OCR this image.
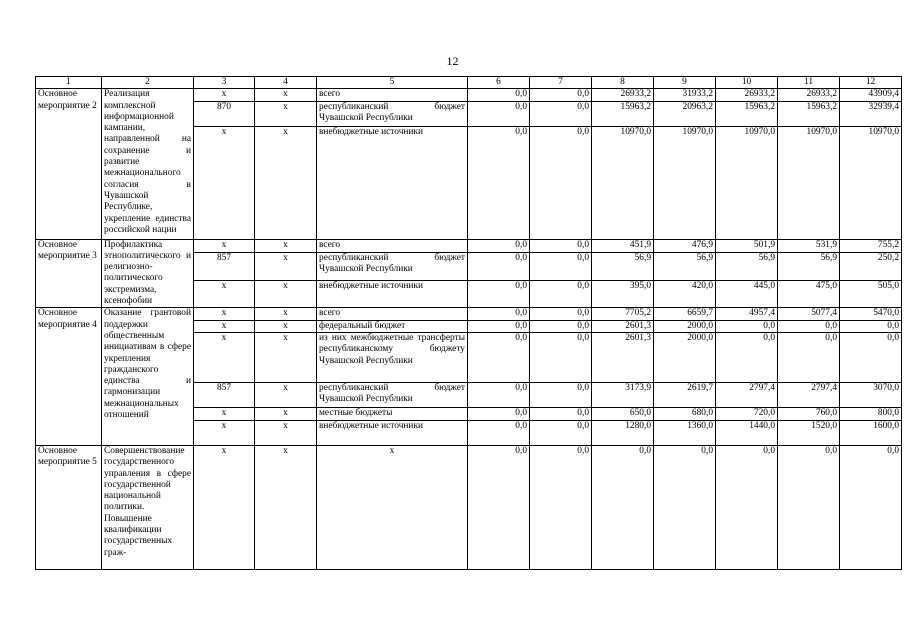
12
1	2	3	4	5	6	7	8	9	10	11	12
Основное мероприятие 2	Реализация комплексной информационной кампании, направленной на сохранение и развитие межнационального согласия в Чувашской Республике, укрепление единства российской нации	х	х	всего	0,0	0,0	26933,2	31933,2	26933,2	26933,2	43909,4
		870	х	республиканский бюджет Чувашской Республики	0,0	0,0	15963,2	20963,2	15963,2	15963,2	32939,4
		х	х	внебюджетные источники	0,0	0,0	10970,0	10970,0	10970,0	10970,0	10970,0
Основное мероприятие 3	Профилактика этнополитического и религиозно-политического экстремизма, ксенофобии	х	х	всего	0,0	0,0	451,9	476,9	501,9	531,9	755,2
		857	х	республиканский бюджет Чувашской Республики	0,0	0,0	56,9	56,9	56,9	56,9	250,2
		х	х	внебюджетные источники	0,0	0,0	395,0	420,0	445,0	475,0	505,0
Основное мероприятие 4	Оказание грантовой поддержки общественным инициативам в сфере укрепления гражданского единства и гармонизации межнациональных отношений	х	х	всего	0,0	0,0	7705,2	6659,7	4957,4	5077,4	5470,0
		х	х	федеральный бюджет	0,0	0,0	2601,3	2000,0	0,0	0,0	0,0
		х	х	из них межбюджетные трансферты республиканскому бюджету Чувашской Республики	0,0	0,0	2601,3	2000,0	0,0	0,0	0,0
		857	х	республиканский бюджет Чувашской Республики	0,0	0,0	3173,9	2619,7	2797,4	2797,4	3070,0
		х	х	местные бюджеты	0,0	0,0	650,0	680,0	720,0	760,0	800,0
		х	х	внебюджетные источники	0,0	0,0	1280,0	1360,0	1440,0	1520,0	1600,0
Основное мероприятие 5	Совершенствование государственного управления в сфере государственной национальной политики. Повышение квалификации государственных граж-	х	х	х	0,0	0,0	0,0	0,0	0,0	0,0	0,0
